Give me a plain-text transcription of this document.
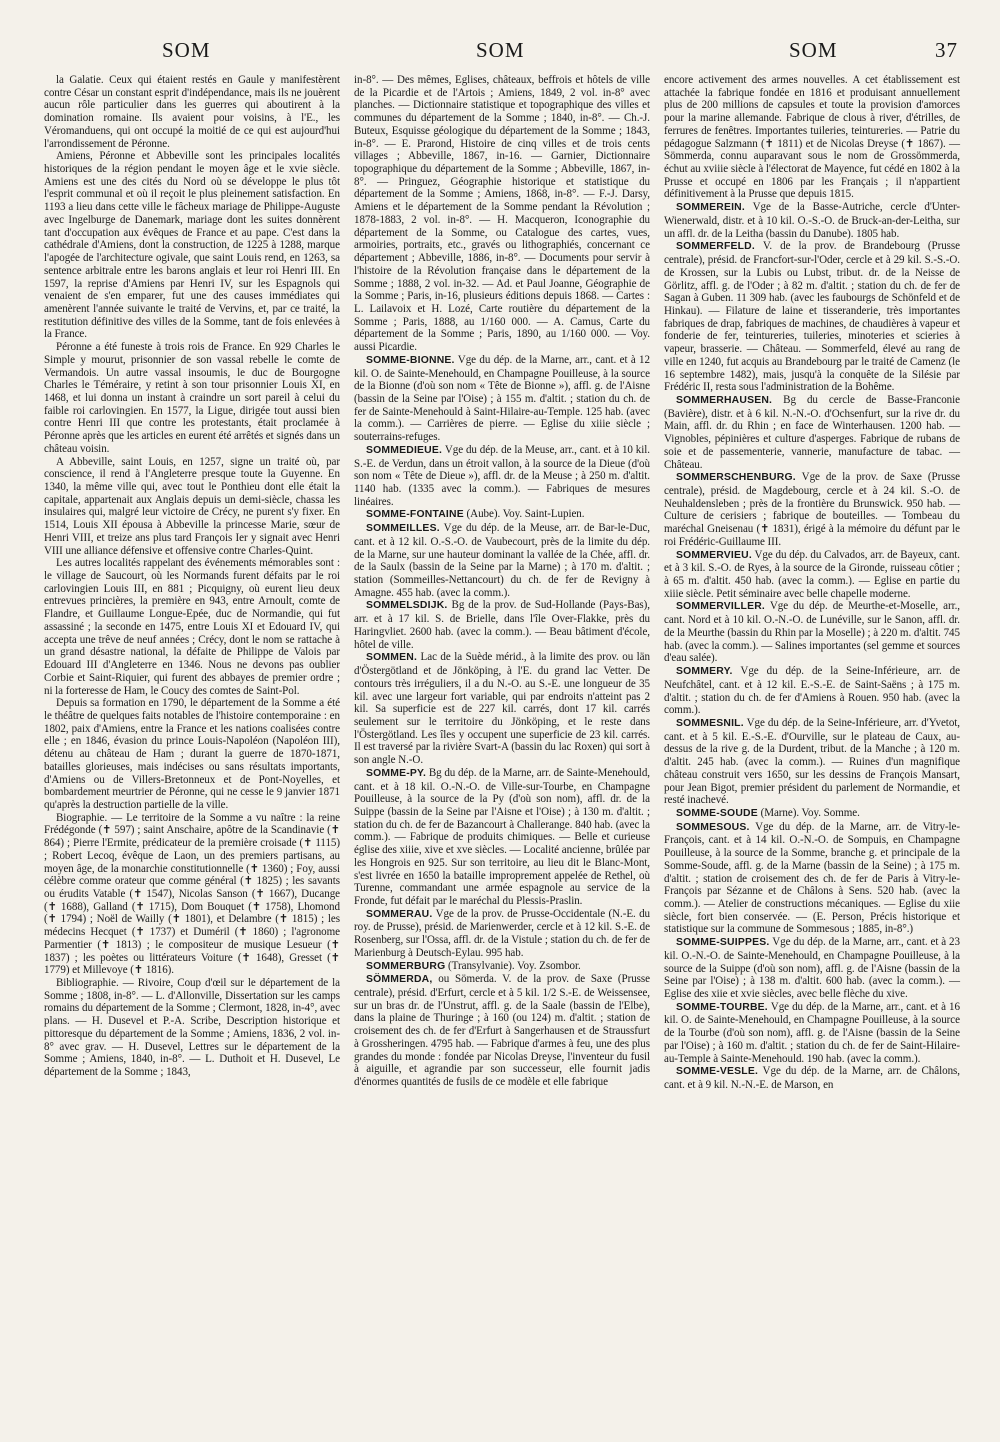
SOM	SOM	SOM	37

la Galatie. Ceux qui étaient restés en Gaule y manifestèrent contre César un constant esprit d'indépendance, mais ils ne jouèrent aucun rôle particulier dans les guerres qui aboutirent à la domination romaine. Ils avaient pour voisins, à l'E., les Véromanduens, qui ont occupé la moitié de ce qui est aujourd'hui l'arrondissement de Péronne.

Amiens, Péronne et Abbeville sont les principales localités historiques de la région pendant le moyen âge et le xvie siècle. Amiens est une des cités du Nord où se développe le plus tôt l'esprit communal et où il reçoit le plus pleinement satisfaction. En 1193 a lieu dans cette ville le fâcheux mariage de Philippe-Auguste avec Ingelburge de Danemark, mariage dont les suites donnèrent tant d'occupation aux évêques de France et au pape. C'est dans la cathédrale d'Amiens, dont la construction, de 1225 à 1288, marque l'apogée de l'architecture ogivale, que saint Louis rend, en 1263, sa sentence arbitrale entre les barons anglais et leur roi Henri III. En 1597, la reprise d'Amiens par Henri IV, sur les Espagnols qui venaient de s'en emparer, fut une des causes immédiates qui amenèrent l'année suivante le traité de Vervins, et, par ce traité, la restitution définitive des villes de la Somme, tant de fois enlevées à la France.

Péronne a été funeste à trois rois de France. En 929 Charles le Simple y mourut, prisonnier de son vassal rebelle le comte de Vermandois. Un autre vassal insoumis, le duc de Bourgogne Charles le Téméraire, y retint à son tour prisonnier Louis XI, en 1468, et lui donna un instant à craindre un sort pareil à celui du faible roi carlovingien. En 1577, la Ligue, dirigée tout aussi bien contre Henri III que contre les protestants, était proclamée à Péronne après que les articles en eurent été arrêtés et signés dans un château voisin.

A Abbeville, saint Louis, en 1257, signe un traité où, par conscience, il rend à l'Angleterre presque toute la Guyenne. En 1340, la même ville qui, avec tout le Ponthieu dont elle était la capitale, appartenait aux Anglais depuis un demi-siècle, chassa les insulaires qui, malgré leur victoire de Crécy, ne purent s'y fixer. En 1514, Louis XII épousa à Abbeville la princesse Marie, sœur de Henri VIII, et treize ans plus tard François Ier y signait avec Henri VIII une alliance défensive et offensive contre Charles-Quint.

Les autres localités rappelant des événements mémorables sont : le village de Saucourt, où les Normands furent défaits par le roi carlovingien Louis III, en 881 ; Picquigny, où eurent lieu deux entrevues princières, la première en 943, entre Arnoult, comte de Flandre, et Guillaume Longue-Epée, duc de Normandie, qui fut assassiné ; la seconde en 1475, entre Louis XI et Edouard IV, qui accepta une trêve de neuf années ; Crécy, dont le nom se rattache à un grand désastre national, la défaite de Philippe de Valois par Edouard III d'Angleterre en 1346. Nous ne devons pas oublier Corbie et Saint-Riquier, qui furent des abbayes de premier ordre ; ni la forteresse de Ham, le Coucy des comtes de Saint-Pol.

Depuis sa formation en 1790, le département de la Somme a été le théâtre de quelques faits notables de l'histoire contemporaine : en 1802, paix d'Amiens, entre la France et les nations coalisées contre elle ; en 1846, évasion du prince Louis-Napoléon (Napoléon III), détenu au château de Ham ; durant la guerre de 1870-1871, batailles glorieuses, mais indécises ou sans résultats importants, d'Amiens ou de Villers-Bretonneux et de Pont-Noyelles, et bombardement meurtrier de Péronne, qui ne cesse le 9 janvier 1871 qu'après la destruction partielle de la ville.

Biographie. — Le territoire de la Somme a vu naître : la reine Frédégonde (✝ 597) ; saint Anschaire, apôtre de la Scandinavie (✝ 864) ; Pierre l'Ermite, prédicateur de la première croisade (✝ 1115) ; Robert Lecoq, évêque de Laon, un des premiers partisans, au moyen âge, de la monarchie constitutionnelle (✝ 1360) ; Foy, aussi célèbre comme orateur que comme général (✝ 1825) ; les savants ou érudits Vatable (✝ 1547), Nicolas Sanson (✝ 1667), Ducange (✝ 1688), Galland (✝ 1715), Dom Bouquet (✝ 1758), Lhomond (✝ 1794) ; Noël de Wailly (✝ 1801), et Delambre (✝ 1815) ; les médecins Hecquet (✝ 1737) et Duméril (✝ 1860) ; l'agronome Parmentier (✝ 1813) ; le compositeur de musique Lesueur (✝ 1837) ; les poètes ou littérateurs Voiture (✝ 1648), Gresset (✝ 1779) et Millevoye (✝ 1816).

Bibliographie. — Rivoire, Coup d'œil sur le département de la Somme ; 1808, in-8°. — L. d'Allonville, Dissertation sur les camps romains du département de la Somme ; Clermont, 1828, in-4°, avec plans. — H. Dusevel et P.-A. Scribe, Description historique et pittoresque du département de la Somme ; Amiens, 1836, 2 vol. in-8° avec grav. — H. Dusevel, Lettres sur le département de la Somme ; Amiens, 1840, in-8°. — L. Duthoit et H. Dusevel, Le département de la Somme ; 1843,

in-8°. — Des mêmes, Eglises, châteaux, beffrois et hôtels de ville de la Picardie et de l'Artois ; Amiens, 1849, 2 vol. in-8° avec planches. — Dictionnaire statistique et topographique des villes et communes du département de la Somme ; 1840, in-8°. — Ch.-J. Buteux, Esquisse géologique du département de la Somme ; 1843, in-8°. — E. Prarond, Histoire de cinq villes et de trois cents villages ; Abbeville, 1867, in-16. — Garnier, Dictionnaire topographique du département de la Somme ; Abbeville, 1867, in-8°. — Pringuez, Géographie historique et statistique du département de la Somme ; Amiens, 1868, in-8°. — F.-J. Darsy, Amiens et le département de la Somme pendant la Révolution ; 1878-1883, 2 vol. in-8°. — H. Macqueron, Iconographie du département de la Somme, ou Catalogue des cartes, vues, armoiries, portraits, etc., gravés ou lithographiés, concernant ce département ; Abbeville, 1886, in-8°. — Documents pour servir à l'histoire de la Révolution française dans le département de la Somme ; 1888, 2 vol. in-32. — Ad. et Paul Joanne, Géographie de la Somme ; Paris, in-16, plusieurs éditions depuis 1868. — Cartes : L. Lailavoix et H. Lozé, Carte routière du département de la Somme ; Paris, 1888, au 1/160 000. — A. Camus, Carte du département de la Somme ; Paris, 1890, au 1/160 000. — Voy. aussi Picardie.

SOMME-BIONNE. Vge du dép. de la Marne, arr., cant. et à 12 kil. O. de Sainte-Menehould, en Champagne Pouilleuse, à la source de la Bionne (d'où son nom « Tête de Bionne »), affl. g. de l'Aisne (bassin de la Seine par l'Oise) ; à 155 m. d'altit. ; station du ch. de fer de Sainte-Menehould à Saint-Hilaire-au-Temple. 125 hab. (avec la comm.). — Carrières de pierre. — Eglise du xiiie siècle ; souterrains-refuges.

SOMMEDIEUE. Vge du dép. de la Meuse, arr., cant. et à 10 kil. S.-E. de Verdun, dans un étroit vallon, à la source de la Dieue (d'où son nom « Tête de Dieue »), affl. dr. de la Meuse ; à 250 m. d'altit. 1140 hab. (1335 avec la comm.). — Fabriques de mesures linéaires.

SOMME-FONTAINE (Aube). Voy. Saint-Lupien.

SOMMEILLES. Vge du dép. de la Meuse, arr. de Bar-le-Duc, cant. et à 12 kil. O.-S.-O. de Vaubecourt, près de la limite du dép. de la Marne, sur une hauteur dominant la vallée de la Chée, affl. dr. de la Saulx (bassin de la Seine par la Marne) ; à 170 m. d'altit. ; station (Sommeilles-Nettancourt) du ch. de fer de Revigny à Amagne. 455 hab. (avec la comm.).

SOMMELSDIJK. Bg de la prov. de Sud-Hollande (Pays-Bas), arr. et à 17 kil. S. de Brielle, dans l'île Over-Flakke, près du Haringvliet. 2600 hab. (avec la comm.). — Beau bâtiment d'école, hôtel de ville.

SOMMEN. Lac de la Suède mérid., à la limite des prov. ou län d'Östergötland et de Jönköping, à l'E. du grand lac Vetter. De contours très irréguliers, il a du N.-O. au S.-E. une longueur de 35 kil. avec une largeur fort variable, qui par endroits n'atteint pas 2 kil. Sa superficie est de 227 kil. carrés, dont 17 kil. carrés seulement sur le territoire du Jönköping, et le reste dans l'Östergötland. Les îles y occupent une superficie de 23 kil. carrés. Il est traversé par la rivière Svart-A (bassin du lac Roxen) qui sort à son angle N.-O.

SOMME-PY. Bg du dép. de la Marne, arr. de Sainte-Menehould, cant. et à 18 kil. O.-N.-O. de Ville-sur-Tourbe, en Champagne Pouilleuse, à la source de la Py (d'où son nom), affl. dr. de la Suippe (bassin de la Seine par l'Aisne et l'Oise) ; à 130 m. d'altit. ; station du ch. de fer de Bazancourt à Challerange. 840 hab. (avec la comm.). — Fabrique de produits chimiques. — Belle et curieuse église des xiiie, xive et xve siècles. — Localité ancienne, brûlée par les Hongrois en 925. Sur son territoire, au lieu dit le Blanc-Mont, s'est livrée en 1650 la bataille improprement appelée de Rethel, où Turenne, commandant une armée espagnole au service de la Fronde, fut défait par le maréchal du Plessis-Praslin.

SOMMERAU. Vge de la prov. de Prusse-Occidentale (N.-E. du roy. de Prusse), présid. de Marienwerder, cercle et à 12 kil. S.-E. de Rosenberg, sur l'Ossa, affl. dr. de la Vistule ; station du ch. de fer de Marienburg à Deutsch-Eylau. 995 hab.

SOMMERBURG (Transylvanie). Voy. Zsombor.

SÖMMERDA, ou Sömerda. V. de la prov. de Saxe (Prusse centrale), présid. d'Erfurt, cercle et à 5 kil. 1/2 S.-E. de Weissensee, sur un bras dr. de l'Unstrut, affl. g. de la Saale (bassin de l'Elbe), dans la plaine de Thuringe ; à 160 (ou 124) m. d'altit. ; station de croisement des ch. de fer d'Erfurt à Sangerhausen et de Straussfurt à Grossheringen. 4795 hab. — Fabrique d'armes à feu, une des plus grandes du monde : fondée par Nicolas Dreyse, l'inventeur du fusil à aiguille, et agrandie par son successeur, elle fournit jadis d'énormes quantités de fusils de ce modèle et elle fabrique

encore activement des armes nouvelles. A cet établissement est attachée la fabrique fondée en 1816 et produisant annuellement plus de 200 millions de capsules et toute la provision d'amorces pour la marine allemande. Fabrique de clous à river, d'étrilles, de ferrures de fenêtres. Importantes tuileries, teintureries. — Patrie du pédagogue Salzmann (✝ 1811) et de Nicolas Dreyse (✝ 1867). — Sömmerda, connu auparavant sous le nom de Grossömmerda, échut au xviiie siècle à l'électorat de Mayence, fut cédé en 1802 à la Prusse et occupé en 1806 par les Français ; il n'appartient définitivement à la Prusse que depuis 1815.

SOMMEREIN. Vge de la Basse-Autriche, cercle d'Unter-Wienerwald, distr. et à 10 kil. O.-S.-O. de Bruck-an-der-Leitha, sur un affl. dr. de la Leitha (bassin du Danube). 1805 hab.

SOMMERFELD. V. de la prov. de Brandebourg (Prusse centrale), présid. de Francfort-sur-l'Oder, cercle et à 29 kil. S.-S.-O. de Krossen, sur la Lubis ou Lubst, tribut. dr. de la Neisse de Görlitz, affl. g. de l'Oder ; à 82 m. d'altit. ; station du ch. de fer de Sagan à Guben. 11 309 hab. (avec les faubourgs de Schönfeld et de Hinkau). — Filature de laine et tisseranderie, très importantes fabriques de drap, fabriques de machines, de chaudières à vapeur et fonderie de fer, teintureries, tuileries, minoteries et scieries à vapeur, brasserie. — Château. — Sommerfeld, élevé au rang de ville en 1240, fut acquis au Brandebourg par le traité de Camenz (le 16 septembre 1482), mais, jusqu'à la conquête de la Silésie par Frédéric II, resta sous l'administration de la Bohême.

SOMMERHAUSEN. Bg du cercle de Basse-Franconie (Bavière), distr. et à 6 kil. N.-N.-O. d'Ochsenfurt, sur la rive dr. du Main, affl. dr. du Rhin ; en face de Winterhausen. 1200 hab. — Vignobles, pépinières et culture d'asperges. Fabrique de rubans de soie et de passementerie, vannerie, manufacture de tabac. — Château.

SOMMERSCHENBURG. Vge de la prov. de Saxe (Prusse centrale), présid. de Magdebourg, cercle et à 24 kil. S.-O. de Neuhaldensleben ; près de la frontière du Brunswick. 950 hab. — Culture de cerisiers ; fabrique de bouteilles. — Tombeau du maréchal Gneisenau (✝ 1831), érigé à la mémoire du défunt par le roi Frédéric-Guillaume III.

SOMMERVIEU. Vge du dép. du Calvados, arr. de Bayeux, cant. et à 3 kil. S.-O. de Ryes, à la source de la Gironde, ruisseau côtier ; à 65 m. d'altit. 450 hab. (avec la comm.). — Eglise en partie du xiiie siècle. Petit séminaire avec belle chapelle moderne.

SOMMERVILLER. Vge du dép. de Meurthe-et-Moselle, arr., cant. Nord et à 10 kil. O.-N.-O. de Lunéville, sur le Sanon, affl. dr. de la Meurthe (bassin du Rhin par la Moselle) ; à 220 m. d'altit. 745 hab. (avec la comm.). — Salines importantes (sel gemme et sources d'eau salée).

SOMMERY. Vge du dép. de la Seine-Inférieure, arr. de Neufchâtel, cant. et à 12 kil. E.-S.-E. de Saint-Saëns ; à 175 m. d'altit. ; station du ch. de fer d'Amiens à Rouen. 950 hab. (avec la comm.).

SOMMESNIL. Vge du dép. de la Seine-Inférieure, arr. d'Yvetot, cant. et à 5 kil. E.-S.-E. d'Ourville, sur le plateau de Caux, au-dessus de la rive g. de la Durdent, tribut. de la Manche ; à 120 m. d'altit. 245 hab. (avec la comm.). — Ruines d'un magnifique château construit vers 1650, sur les dessins de François Mansart, pour Jean Bigot, premier président du parlement de Normandie, et resté inachevé.

SOMME-SOUDE (Marne). Voy. Somme.

SOMMESOUS. Vge du dép. de la Marne, arr. de Vitry-le-François, cant. et à 14 kil. O.-N.-O. de Sompuis, en Champagne Pouilleuse, à la source de la Somme, branche g. et principale de la Somme-Soude, affl. g. de la Marne (bassin de la Seine) ; à 175 m. d'altit. ; station de croisement des ch. de fer de Paris à Vitry-le-François par Sézanne et de Châlons à Sens. 520 hab. (avec la comm.). — Atelier de constructions mécaniques. — Eglise du xiie siècle, fort bien conservée. — (E. Person, Précis historique et statistique sur la commune de Sommesous ; 1885, in-8°.)

SOMME-SUIPPES. Vge du dép. de la Marne, arr., cant. et à 23 kil. O.-N.-O. de Sainte-Menehould, en Champagne Pouilleuse, à la source de la Suippe (d'où son nom), affl. g. de l'Aisne (bassin de la Seine par l'Oise) ; à 138 m. d'altit. 600 hab. (avec la comm.). — Eglise des xiie et xvie siècles, avec belle flèche du xive.

SOMME-TOURBE. Vge du dép. de la Marne, arr., cant. et à 16 kil. O. de Sainte-Menehould, en Champagne Pouilleuse, à la source de la Tourbe (d'où son nom), affl. g. de l'Aisne (bassin de la Seine par l'Oise) ; à 160 m. d'altit. ; station du ch. de fer de Saint-Hilaire-au-Temple à Sainte-Menehould. 190 hab. (avec la comm.).

SOMME-VESLE. Vge du dép. de la Marne, arr. de Châlons, cant. et à 9 kil. N.-N.-E. de Marson, en
